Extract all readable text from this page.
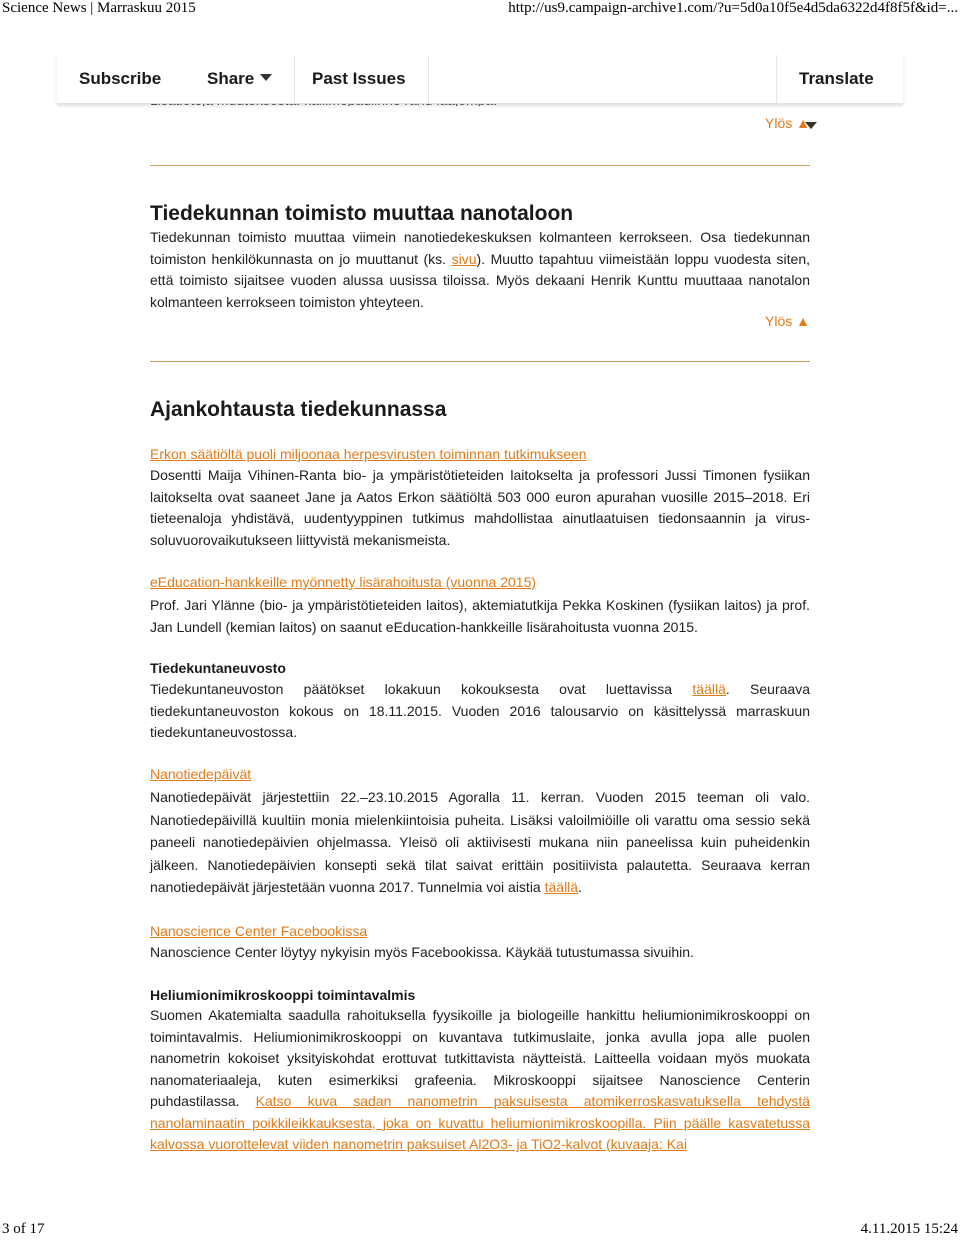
Science News | Marraskuu 2015	http://us9.campaign-archive1.com/?u=5d0a10f5e4d5da6322d4f8f5f&id=...
Subscribe	Share	Past Issues	Translate
Ylös ▲
Tiedekunnan toimisto muuttaa nanotaloon

Tiedekunnan toimisto muuttaa viimein nanotiedekeskuksen kolmanteen kerrokseen. Osa tiedekunnan toimiston henkilökunnasta on jo muuttanut (ks. sivu). Muutto tapahtuu viimeistään loppu vuodesta siten, että toimisto sijaitsee vuoden alussa uusissa tiloissa. Myös dekaani Henrik Kunttu muuttaaa nanotalon kolmanteen kerrokseen toimiston yhteyteen.

Ylös ▲
Ajankohtausta tiedekunnassa
Erkon säätiöltä puoli miljoonaa herpesvirusten toiminnan tutkimukseen

Dosentti Maija Vihinen-Ranta bio- ja ympäristötieteiden laitokselta ja professori Jussi Timonen fysiikan laitokselta ovat saaneet Jane ja Aatos Erkon säätiöltä 503 000 euron apurahan vuosille 2015–2018. Eri tieteenaloja yhdistävä, uudentyyppinen tutkimus mahdollistaa ainutlaatuisen tiedonsaannin ja virus-soluvuorovaikutukseen liittyvistä mekanismeista.

eEducation-hankkeille myönnetty lisärahoitusta (vuonna 2015)

Prof. Jari Ylänne (bio- ja ympäristötieteiden laitos), aktemiatutkija Pekka Koskinen (fysiikan laitos) ja prof. Jan Lundell (kemian laitos) on saanut eEducation-hankkeille lisärahoitusta vuonna 2015.

Tiedekuntaneuvosto

Tiedekuntaneuvoston päätökset lokakuun kokouksesta ovat luettavissa täällä. Seuraava tiedekuntaneuvoston kokous on 18.11.2015. Vuoden 2016 talousarvio on käsittelyssä marraskuun tiedekuntaneuvostossa.

Nanotiedepäivät

Nanotiedepäivät järjestettiin 22.–23.10.2015 Agoralla 11. kerran. Vuoden 2015 teeman oli valo. Nanotiedepäivillä kuultiin monia mielenkiintoisia puheita. Lisäksi valoilmiöille oli varattu oma sessio sekä paneeli nanotiedepäivien ohjelmassa. Yleisö oli aktiivisesti mukana niin paneelissa kuin puheidenkin jälkeen. Nanotiedepäivien konsepti sekä tilat saivat erittäin positiivista palautetta. Seuraava kerran nanotiedepäivät järjestetään vuonna 2017. Tunnelmia voi aistia täällä.

Nanoscience Center Facebookissa

Nanoscience Center löytyy nykyisin myös Facebookissa. Käykää tutustumassa sivuihin.

Heliumionimikroskooppi toimintavalmis

Suomen Akatemialta saadulla rahoituksella fyysikoille ja biologeille hankittu heliumionimikroskooppi on toimintavalmis. Heliumionimikroskooppi on kuvantava tutkimuslaite, jonka avulla jopa alle puolen nanometrin kokoiset yksityiskohdat erottuvat tutkittavista näytteistä. Laitteella voidaan myös muokata nanomateriaaleja, kuten esimerkiksi grafeenia. Mikroskooppi sijaitsee Nanoscience Centerin puhdastilassa. Katso kuva sadan nanometrin paksuisesta atomikerroskasvatuksella tehdystä nanolaminaatin poikkileikkauksesta, joka on kuvattu heliumionimikroskoopilla. Piin päälle kasvatetussa kalvossa vuorottelevat viiden nanometrin paksuiset Al2O3- ja TiO2-kalvot (kuvaaja: Kai

3 of 17	4.11.2015 15:24
